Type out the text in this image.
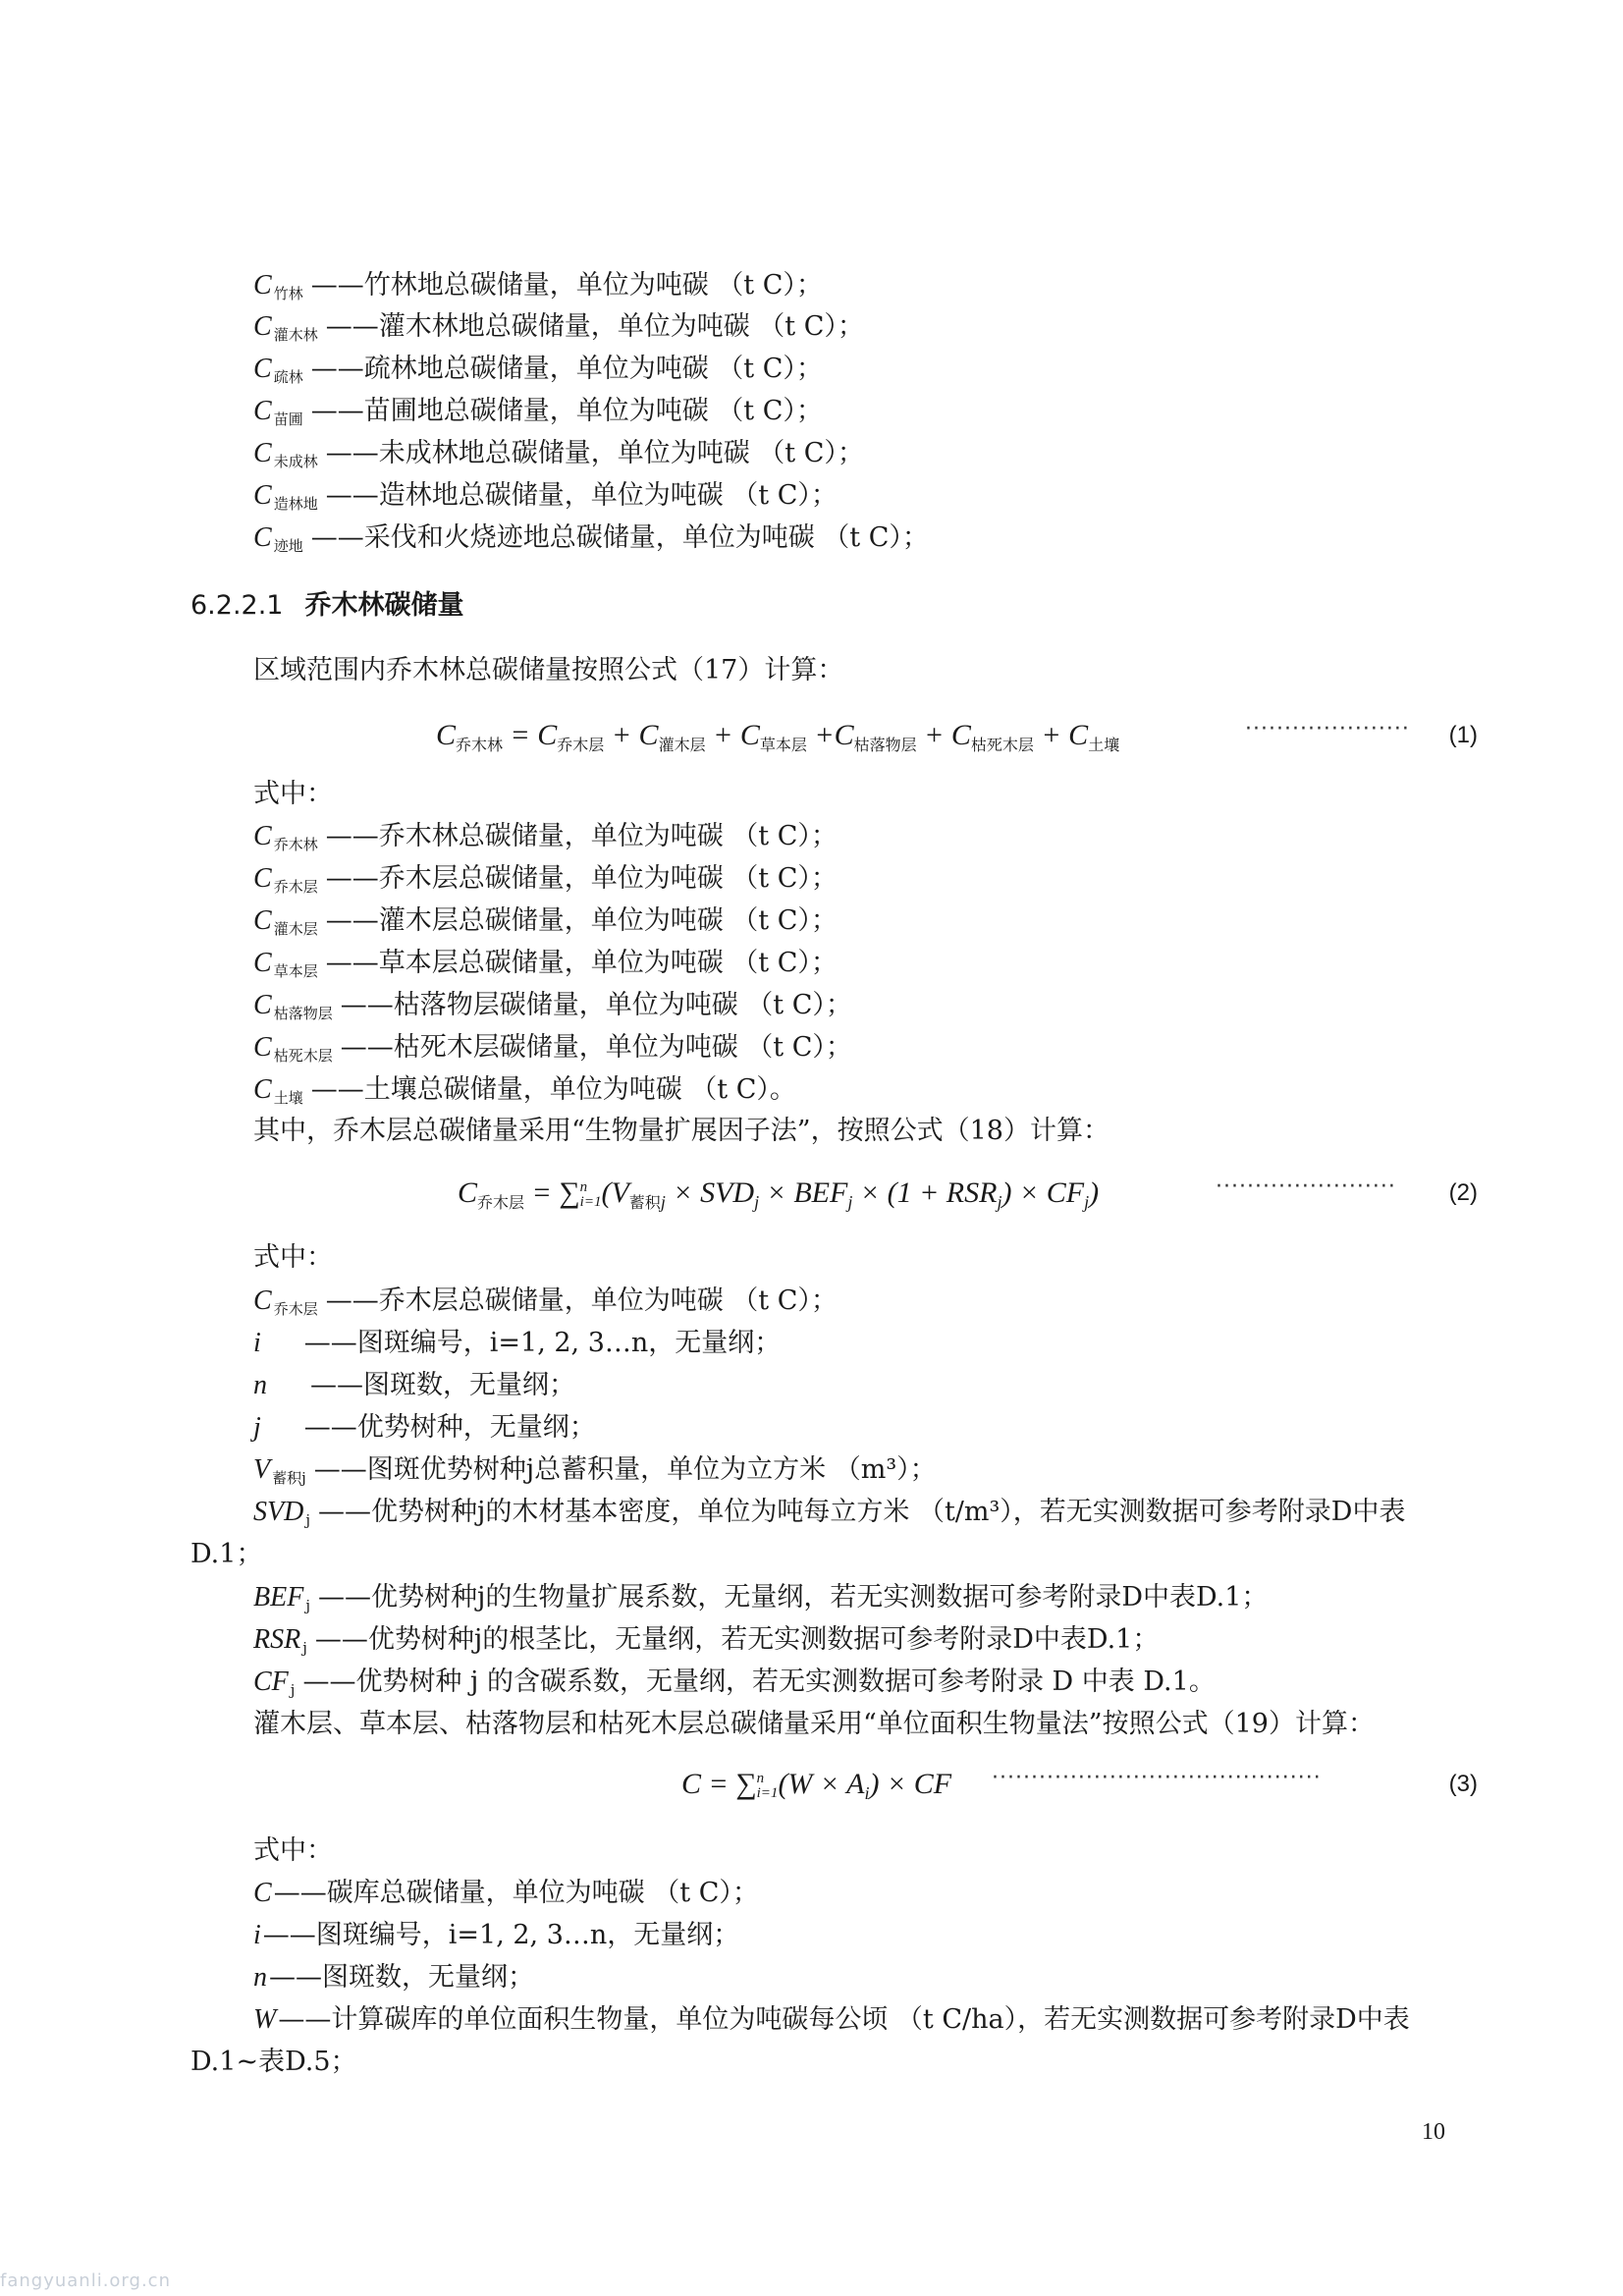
C 竹林 ——竹林地总碳储量，单位为吨碳 （t C）；
C 灌木林 ——灌木林地总碳储量，单位为吨碳 （t C）；
C 疏林 ——疏林地总碳储量，单位为吨碳 （t C）；
C 苗圃 ——苗圃地总碳储量，单位为吨碳 （t C）；
C 未成林 ——未成林地总碳储量，单位为吨碳 （t C）；
C 造林地 ——造林地总碳储量，单位为吨碳 （t C）；
C 迹地 ——采伐和火烧迹地总碳储量，单位为吨碳 （t C）；
6.2.2.1 乔木林碳储量
区域范围内乔木林总碳储量按照公式（17）计算：
$C_{乔木林} = C_{乔木层} + C_{灌木层} + C_{草本层} +C_{枯落物层} + C_{枯死木层} + C_{土壤}$
····················· (1)
式中：
C 乔木林 ——乔木林总碳储量，单位为吨碳 （t C）；
C 乔木层 ——乔木层总碳储量，单位为吨碳 （t C）；
C 灌木层 ——灌木层总碳储量，单位为吨碳 （t C）；
C 草本层 ——草本层总碳储量，单位为吨碳 （t C）；
C 枯落物层 ——枯落物层碳储量，单位为吨碳 （t C）；
C 枯死木层 ——枯死木层碳储量，单位为吨碳 （t C）；
C 土壤 ——土壤总碳储量，单位为吨碳 （t C）。
其中，乔木层总碳储量采用“生物量扩展因子法”，按照公式（18）计算：
$C_{乔木层} = \sum n$
$i=1(V_{蓄积j} \times SVD_j \times BEF_j \times (1 + RSR_j) \times CF_j)$	······················· (2)
式中：
C 乔木层 ——乔木层总碳储量，单位为吨碳 （t C）；
i ——图斑编号，i=1, 2, 3…n，无量纲；
n ——图斑数，无量纲；
j ——优势树种，无量纲；
V 蓄积j ——图斑优势树种j总蓄积量，单位为立方米 （m³）；
SVD j ——优势树种j的木材基本密度，单位为吨每立方米 （t/m³），若无实测数据可参考附录D中表
D.1；
BEF j ——优势树种j的生物量扩展系数，无量纲，若无实测数据可参考附录D中表D.1；
RSR j ——优势树种j的根茎比，无量纲，若无实测数据可参考附录D中表D.1；
CF j ——优势树种 j 的含碳系数，无量纲，若无实测数据可参考附录 D 中表 D.1。
灌木层、草本层、枯落物层和枯死木层总碳储量采用“单位面积生物量法”按照公式（19）计算：
C = ∑n
$i=1(W \times A_i)$ × CF ··········································	(3)
式中：
C——碳库总碳储量，单位为吨碳 （t C）；
i——图斑编号，i=1, 2, 3…n，无量纲；
n——图斑数，无量纲；
W——计算碳库的单位面积生物量，单位为吨碳每公顷 （t C/ha），若无实测数据可参考附录D中表
D.1~表D.5；
10
fangyuanli.org.cn
